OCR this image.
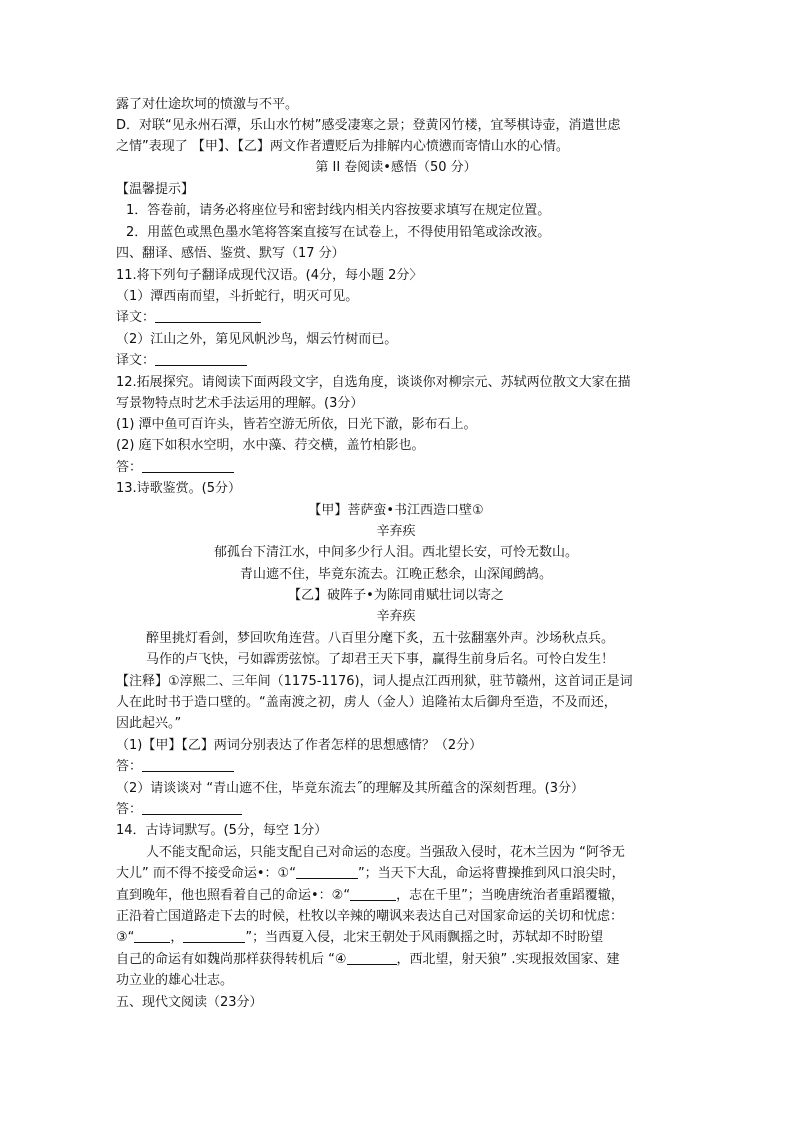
露了对仕途坎坷的愤激与不平。
D．对联“见永州石潭，乐山水竹树”感受凄寒之景；登黄冈竹楼，宜琴棋诗壶，消遣世虑
之情”表现了 【甲】、【乙】两文作者遭贬后为排解内心愤懑而寄情山水的心情。
第 II 卷阅读•感悟（50 分）
【温馨提示】
1．答卷前，请务必将座位号和密封线内相关内容按要求填写在规定位置。
2．用蓝色或黑色墨水笔将答案直接写在试卷上，不得使用铅笔或涂改液。
四、翻译、感悟、鉴赏、默写（17 分）
11.将下列句子翻译成现代汉语。(4分，每小题 2分〉
（1）潭西南而望，斗折蛇行，明灭可见。
译文：
（2）江山之外，第见风帆沙鸟，烟云竹树而已。
译文：
12.拓展探究。请阅读下面两段文字，自选角度，谈谈你对柳宗元、苏轼两位散文大家在描
写景物特点时艺术手法运用的理解。(3分）
(1) 潭中鱼可百许头，皆若空游无所依，日光下澈，影布石上。
(2) 庭下如积水空明，水中藻、荇交横，盖竹柏影也。
答：
13.诗歌鉴赏。(5分）
【甲】菩萨蛮•书江西造口壁①
辛弃疾
郁孤台下清江水，中间多少行人泪。西北望长安，可怜无数山。
青山遮不住，毕竟东流去。江晚正愁余，山深闻鹧鸪。
【乙】破阵子•为陈同甫赋壮词以寄之
辛弃疾
醉里挑灯看剑，梦回吹角连营。八百里分麾下炙，五十弦翻塞外声。沙场秋点兵。
马作的卢飞快，弓如霹雳弦惊。了却君王天下事，赢得生前身后名。可怜白发生！
【注释】①淳熙二、三年间（1175-1176)，词人提点江西刑狱，驻节赣州，这首词正是词
人在此时书于造口壁的。“盖南渡之初，虏人（金人）追隆祐太后御舟至造，不及而还，
因此起兴。”
（1)【甲】【乙】两词分别表达了作者怎样的思想感情？（2分）
答：
（2）请谈谈对 “青山遮不住，毕竟东流去˝的理解及其所蕴含的深刻哲理。(3分）
答：
14．古诗词默写。(5分，每空 1分）
人不能支配命运，只能支配自己对命运的态度。当强敌入侵时，花木兰因为 “阿爷无
大儿” 而不得不接受命运•：①“	”；当天下大乱，命运将曹操推到风口浪尖时，
直到晚年，他也照看着自己的命运•：②“	，志在千里”；当晚唐统治者重蹈覆辙，
正沿着亡国道路走下去的时候，杜牧以辛辣的嘲讽来表达自己对国家命运的关切和忧虑：
③“	，	”；当西夏入侵，北宋王朝处于风雨飘摇之时，苏轼却不时盼望
自己的命运有如魏尚那样获得转机后 “④	，西北望，射天狼” .实现报效国家、建
功立业的雄心壮志。
五、现代文阅读（23分）
